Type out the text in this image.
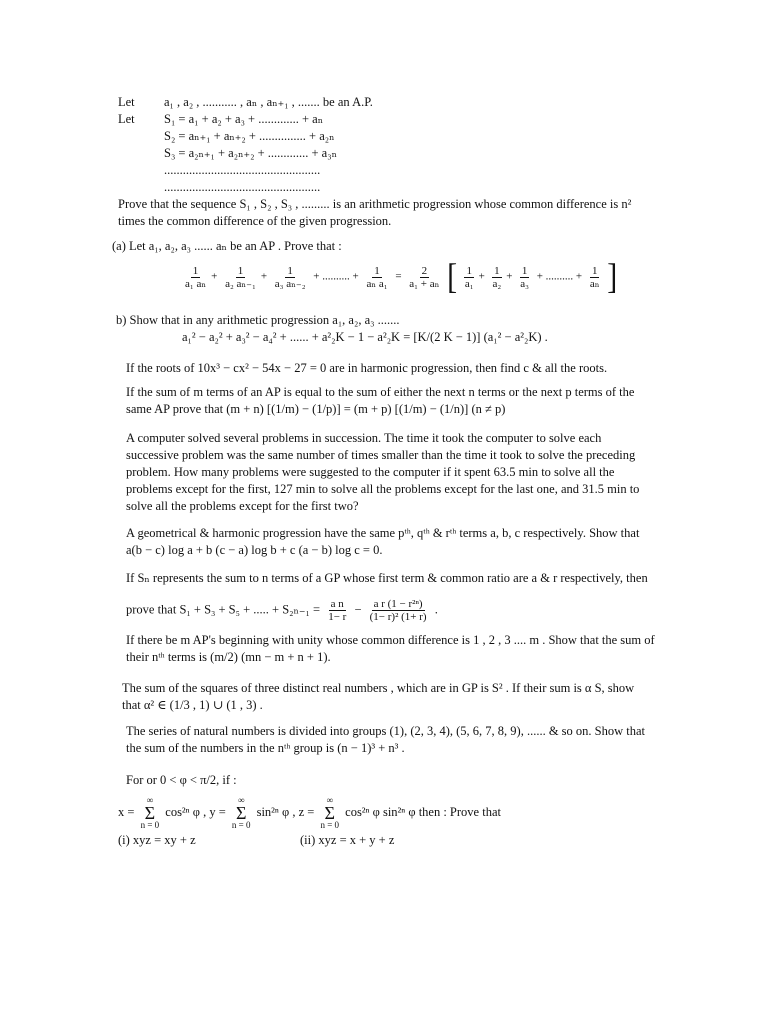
Let a₁ , a₂ , ........... , aₙ , aₙ₊₁ , ....... be an A.P.
Let S₁ = a₁ + a₂ + a₃ + ............. + aₙ
S₂ = aₙ₊₁ + aₙ₊₂ + ............... + a₂ₙ
S₃ = a₂ₙ₊₁ + a₂ₙ₊₂ + ............. + a₃ₙ
..................................................
..................................................
Prove that the sequence S₁ , S₂ , S₃ , ......... is an arithmetic progression whose common difference is n² times the common difference of the given progression.
(a) Let a₁, a₂, a₃ ...... aₙ be an AP . Prove that :
$\frac{1}{\text{a₁ aₙ}} + \frac{1}{\text{a₂ aₙ₋₁}} + \frac{1}{\text{a₃ aₙ₋₂}}$ + .......... + $\frac{1}{\text{aₙ a₁}} = \frac{2}{\text{a₁ + aₙ}}$ [ $\frac{1}{\text{a₁}} + \frac{1}{\text{a₂}} + \frac{1}{\text{a₃}}$ + .......... + $\frac{1}{\text{aₙ}}$ ]
b) Show that in any arithmetic progression a₁, a₂, a₃ .......
a₁² − a₂² + a₃² − a₄² + ...... + a²₂K − 1 − a²₂K = [K/(2 K − 1)] (a₁² − a²₂K) .
If the roots of 10x³ − cx² − 54x − 27 = 0 are in harmonic progression, then find c & all the roots.
If the sum of m terms of an AP is equal to the sum of either the next n terms or the next p terms of the same AP prove that (m + n) [(1/m) − (1/p)] = (m + p) [(1/m) − (1/n)] (n ≠ p)
A computer solved several problems in succession. The time it took the computer to solve each successive problem was the same number of times smaller than the time it took to solve the preceding problem. How many problems were suggested to the computer if it spent 63.5 min to solve all the problems except for the first, 127 min to solve all the problems except for the last one, and 31.5 min to solve all the problems except for the first two?
A geometrical & harmonic progression have the same pᵗʰ, qᵗʰ & rᵗʰ terms a, b, c respectively. Show that a(b − c) log a + b (c − a) log b + c (a − b) log c = 0.
If Sₙ represents the sum to n terms of a GP whose first term & common ratio are a & r respectively, then
prove that S₁ + S₃ + S₅ + ..... + $S_{2n-1} = \frac{\text{a n}}{1- r} - \frac{\text{a r (1 − r²ⁿ)}}{\text{(1− r)² (1+ r)}}$ .
If there be m AP's beginning with unity whose common difference is 1 , 2 , 3 .... m . Show that the sum of their nᵗʰ terms is (m/2) (mn − m + n + 1).
The sum of the squares of three distinct real numbers , which are in GP is S² . If their sum is α S, show that α² ∈ (1/3 , 1) ∪ (1 , 3) .
The series of natural numbers is divided into groups (1), (2, 3, 4), (5, 6, 7, 8, 9), ...... & so on. Show that the sum of the numbers in the nᵗʰ group is (n − 1)³ + n³ .
For or 0 < φ < π/2, if :
x =
∞
Σ
n = 0
cos²ⁿ φ , y =
∞
Σ
n = 0
sin²ⁿ φ , z =
∞
Σ
n = 0
cos²ⁿ φ sin²ⁿ φ then : Prove that
(i) xyz = xy + z	(ii) xyz = x + y + z
